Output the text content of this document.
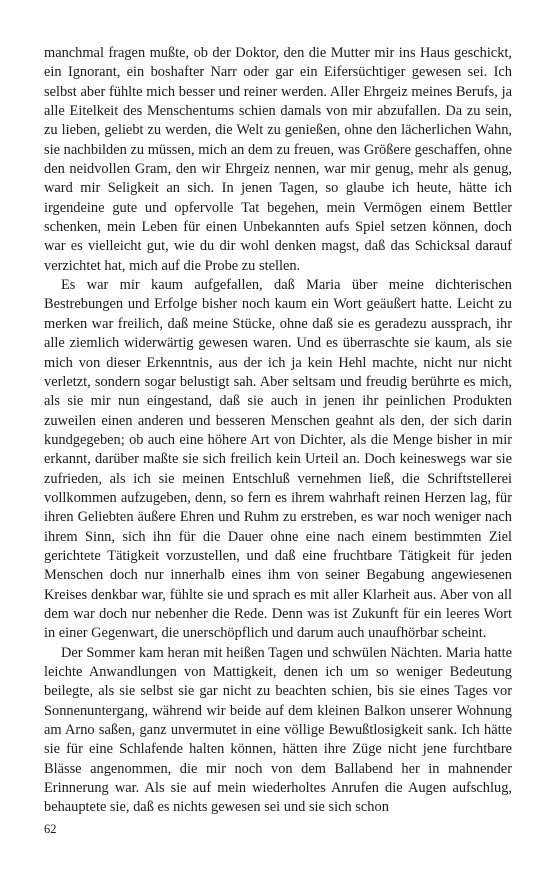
manchmal fragen mußte, ob der Doktor, den die Mutter mir ins Haus geschickt, ein Ignorant, ein boshafter Narr oder gar ein Eifersüchtiger gewesen sei. Ich selbst aber fühlte mich besser und reiner werden. Aller Ehrgeiz meines Berufs, ja alle Eitelkeit des Menschentums schien damals von mir abzufallen. Da zu sein, zu lieben, geliebt zu werden, die Welt zu genießen, ohne den lächerlichen Wahn, sie nachbilden zu müssen, mich an dem zu freuen, was Größere geschaffen, ohne den neidvollen Gram, den wir Ehrgeiz nennen, war mir genug, mehr als genug, ward mir Seligkeit an sich. In jenen Tagen, so glaube ich heute, hätte ich irgendeine gute und opfervolle Tat begehen, mein Vermögen einem Bettler schenken, mein Leben für einen Unbekannten aufs Spiel setzen können, doch war es vielleicht gut, wie du dir wohl denken magst, daß das Schicksal darauf verzichtet hat, mich auf die Probe zu stellen.

Es war mir kaum aufgefallen, daß Maria über meine dichterischen Bestrebungen und Erfolge bisher noch kaum ein Wort geäußert hatte. Leicht zu merken war freilich, daß meine Stücke, ohne daß sie es geradezu aussprach, ihr alle ziemlich widerwärtig gewesen waren. Und es überraschte sie kaum, als sie mich von dieser Erkenntnis, aus der ich ja kein Hehl machte, nicht nur nicht verletzt, sondern sogar belustigt sah. Aber seltsam und freudig berührte es mich, als sie mir nun eingestand, daß sie auch in jenen ihr peinlichen Produkten zuweilen einen anderen und besseren Menschen geahnt als den, der sich darin kundgegeben; ob auch eine höhere Art von Dichter, als die Menge bisher in mir erkannt, darüber maßte sie sich freilich kein Urteil an. Doch keineswegs war sie zufrieden, als ich sie meinen Entschluß vernehmen ließ, die Schriftstellerei vollkommen aufzugeben, denn, so fern es ihrem wahrhaft reinen Herzen lag, für ihren Geliebten äußere Ehren und Ruhm zu erstreben, es war noch weniger nach ihrem Sinn, sich ihn für die Dauer ohne eine nach einem bestimmten Ziel gerichtete Tätigkeit vorzustellen, und daß eine fruchtbare Tätigkeit für jeden Menschen doch nur innerhalb eines ihm von seiner Begabung angewiesenen Kreises denkbar war, fühlte sie und sprach es mit aller Klarheit aus. Aber von all dem war doch nur nebenher die Rede. Denn was ist Zukunft für ein leeres Wort in einer Gegenwart, die unerschöpflich und darum auch unaufhörbar scheint.

Der Sommer kam heran mit heißen Tagen und schwülen Nächten. Maria hatte leichte Anwandlungen von Mattigkeit, denen ich um so weniger Bedeutung beilegte, als sie selbst sie gar nicht zu beachten schien, bis sie eines Tages vor Sonnenuntergang, während wir beide auf dem kleinen Balkon unserer Wohnung am Arno saßen, ganz unvermutet in eine völlige Bewußtlosigkeit sank. Ich hätte sie für eine Schlafende halten können, hätten ihre Züge nicht jene furchtbare Blässe angenommen, die mir noch von dem Ballabend her in mahnender Erinnerung war. Als sie auf mein wiederholtes Anrufen die Augen aufschlug, behauptete sie, daß es nichts gewesen sei und sie sich schon

62
